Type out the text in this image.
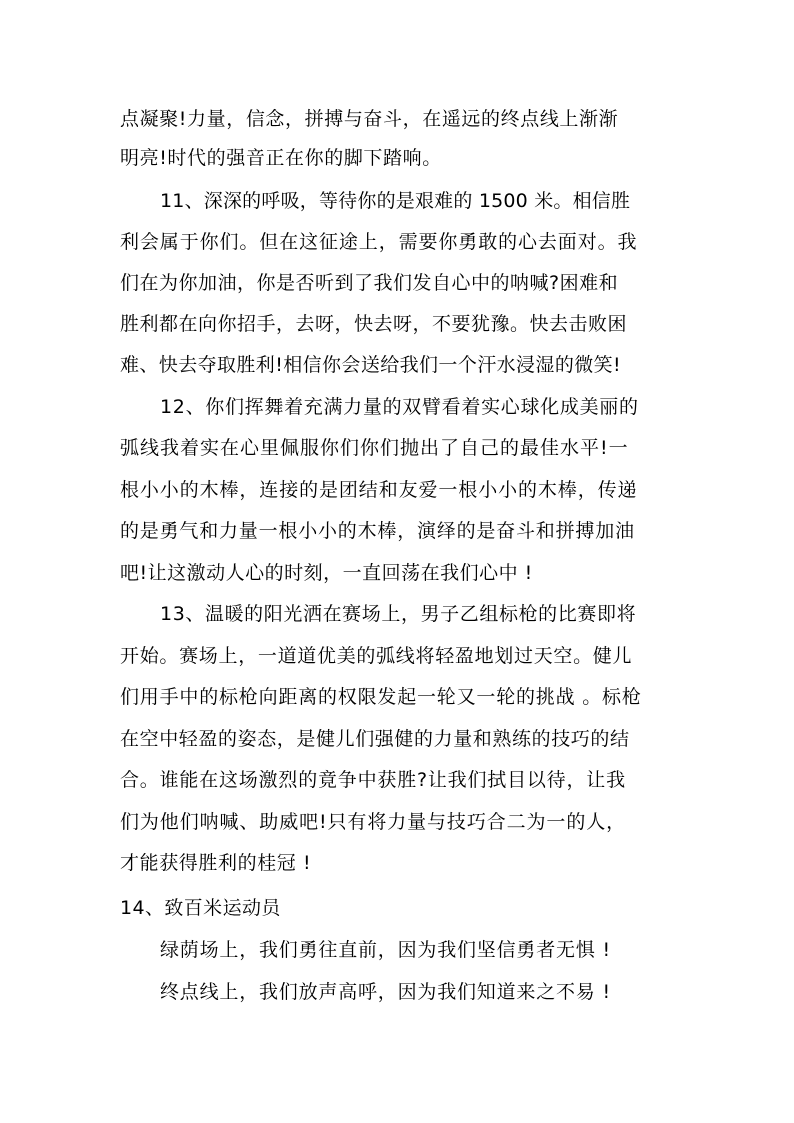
点凝聚!力量，信念，拼搏与奋斗，在遥远的终点线上渐渐
明亮!时代的强音正在你的脚下踏响。
11、深深的呼吸，等待你的是艰难的 1500 米。相信胜
利会属于你们。但在这征途上，需要你勇敢的心去面对。我
们在为你加油，你是否听到了我们发自心中的呐喊?困难和
胜利都在向你招手，去呀，快去呀，不要犹豫。快去击败困
难、快去夺取胜利!相信你会送给我们一个汗水浸湿的微笑!
12、你们挥舞着充满力量的双臂看着实心球化成美丽的
弧线我着实在心里佩服你们你们抛出了自己的最佳水平!一
根小小的木棒，连接的是团结和友爱一根小小的木棒，传递
的是勇气和力量一根小小的木棒，演绎的是奋斗和拼搏加油
吧!让这激动人心的时刻，一直回荡在我们心中 !
13、温暖的阳光洒在赛场上，男子乙组标枪的比赛即将
开始。赛场上，一道道优美的弧线将轻盈地划过天空。健儿
们用手中的标枪向距离的权限发起一轮又一轮的挑战 。标枪
在空中轻盈的姿态，是健儿们强健的力量和熟练的技巧的结
合。谁能在这场激烈的竟争中获胜?让我们拭目以待，让我
们为他们呐喊、助威吧!只有将力量与技巧合二为一的人，
才能获得胜利的桂冠 !
14、致百米运动员
绿荫场上，我们勇往直前，因为我们坚信勇者无惧 !
终点线上，我们放声高呼，因为我们知道来之不易 !
